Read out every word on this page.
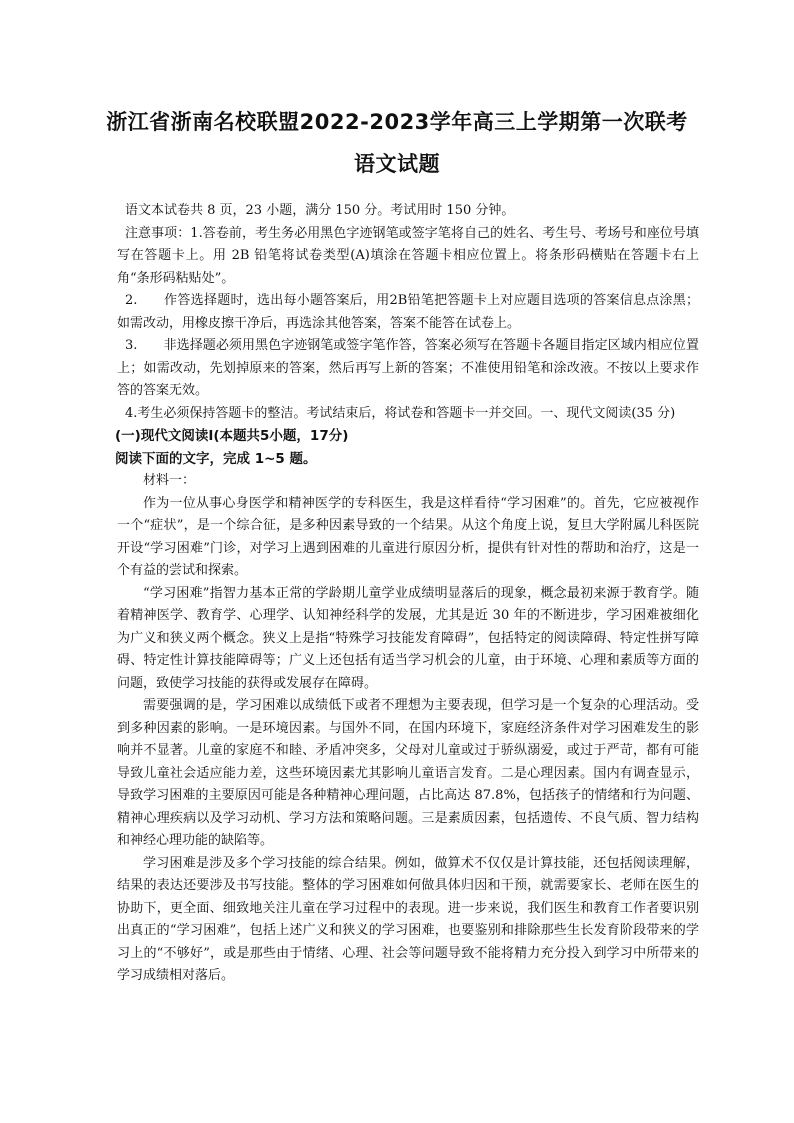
浙江省浙南名校联盟2022-2023学年高三上学期第一次联考
语文试题

语文本试卷共 8 页，23 小题，满分 150 分。考试用时 150 分钟。

注意事项：1.答卷前，考生务必用黑色字迹钢笔或签字笔将自己的姓名、考生号、考场号和座位号填写在答题卡上。用 2B 铅笔将试卷类型(A)填涂在答题卡相应位置上。将条形码横贴在答题卡右上角“条形码粘贴处”。

2.　　作答选择题时，选出每小题答案后，用2B铅笔把答题卡上对应题目选项的答案信息点涂黑；如需改动，用橡皮擦干净后，再选涂其他答案，答案不能答在试卷上。

3.　　非选择题必须用黑色字迹钢笔或签字笔作答，答案必须写在答题卡各题目指定区域内相应位置上；如需改动，先划掉原来的答案，然后再写上新的答案；不准使用铅笔和涂改液。不按以上要求作答的答案无效。

4.考生必须保持答题卡的整洁。考试结束后，将试卷和答题卡一并交回。一、现代文阅读(35 分)

(一)现代文阅读Ⅰ(本题共5小题，17分)

阅读下面的文字，完成 1~5 题。

材料一：

作为一位从事心身医学和精神医学的专科医生，我是这样看待“学习困难”的。首先，它应被视作一个“症状”，是一个综合征，是多种因素导致的一个结果。从这个角度上说，复旦大学附属儿科医院开设“学习困难”门诊，对学习上遇到困难的儿童进行原因分析，提供有针对性的帮助和治疗，这是一个有益的尝试和探索。

“学习困难”指智力基本正常的学龄期儿童学业成绩明显落后的现象，概念最初来源于教育学。随着精神医学、教育学、心理学、认知神经科学的发展，尤其是近 30 年的不断进步，学习困难被细化为广义和狭义两个概念。狭义上是指“特殊学习技能发育障碍”，包括特定的阅读障碍、特定性拼写障碍、特定性计算技能障碍等；广义上还包括有适当学习机会的儿童，由于环境、心理和素质等方面的问题，致使学习技能的获得或发展存在障碍。

需要强调的是，学习困难以成绩低下或者不理想为主要表现，但学习是一个复杂的心理活动。受到多种因素的影响。一是环境因素。与国外不同，在国内环境下，家庭经济条件对学习困难发生的影响并不显著。儿童的家庭不和睦、矛盾冲突多，父母对儿童或过于骄纵溺爱，或过于严苛，都有可能导致儿童社会适应能力差，这些环境因素尤其影响儿童语言发育。二是心理因素。国内有调查显示，导致学习困难的主要原因可能是各种精神心理问题，占比高达 87.8%，包括孩子的情绪和行为问题、精神心理疾病以及学习动机、学习方法和策略问题。三是素质因素，包括遗传、不良气质、智力结构和神经心理功能的缺陷等。

学习困难是涉及多个学习技能的综合结果。例如，做算术不仅仅是计算技能，还包括阅读理解，结果的表达还要涉及书写技能。整体的学习困难如何做具体归因和干预，就需要家长、老师在医生的协助下，更全面、细致地关注儿童在学习过程中的表现。进一步来说，我们医生和教育工作者要识别出真正的“学习困难”，包括上述广义和狭义的学习困难，也要鉴别和排除那些生长发育阶段带来的学习上的“不够好”，或是那些由于情绪、心理、社会等问题导致不能将精力充分投入到学习中所带来的学习成绩相对落后。
